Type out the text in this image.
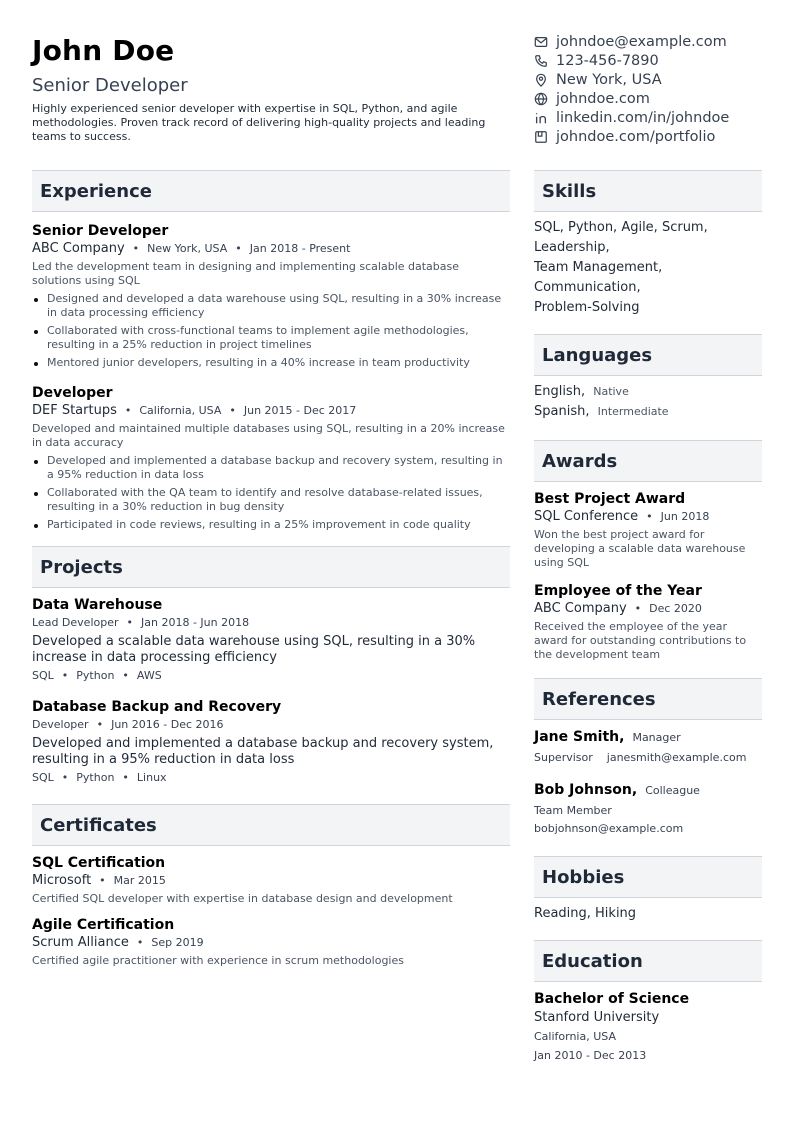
John Doe
Senior Developer
Highly experienced senior developer with expertise in SQL, Python, and agile methodologies. Proven track record of delivering high-quality projects and leading teams to success.
johndoe@example.com
123-456-7890
New York, USA
johndoe.com
linkedin.com/in/johndoe
johndoe.com/portfolio
Experience
Senior Developer
ABC Company • New York, USA • Jan 2018 - Present
Led the development team in designing and implementing scalable database solutions using SQL
Designed and developed a data warehouse using SQL, resulting in a 30% increase in data processing efficiency
Collaborated with cross-functional teams to implement agile methodologies, resulting in a 25% reduction in project timelines
Mentored junior developers, resulting in a 40% increase in team productivity
Developer
DEF Startups • California, USA • Jun 2015 - Dec 2017
Developed and maintained multiple databases using SQL, resulting in a 20% increase in data accuracy
Developed and implemented a database backup and recovery system, resulting in a 95% reduction in data loss
Collaborated with the QA team to identify and resolve database-related issues, resulting in a 30% reduction in bug density
Participated in code reviews, resulting in a 25% improvement in code quality
Projects
Data Warehouse
Lead Developer • Jan 2018 - Jun 2018
Developed a scalable data warehouse using SQL, resulting in a 30% increase in data processing efficiency
SQL • Python • AWS
Database Backup and Recovery
Developer • Jun 2016 - Dec 2016
Developed and implemented a database backup and recovery system, resulting in a 95% reduction in data loss
SQL • Python • Linux
Certificates
SQL Certification
Microsoft • Mar 2015
Certified SQL developer with expertise in database design and development
Agile Certification
Scrum Alliance • Sep 2019
Certified agile practitioner with experience in scrum methodologies
Skills
SQL, Python, Agile, Scrum,
Leadership,
Team Management,
Communication,
Problem-Solving
Languages
English, Native
Spanish, Intermediate
Awards
Best Project Award
SQL Conference • Jun 2018
Won the best project award for developing a scalable data warehouse using SQL
Employee of the Year
ABC Company • Dec 2020
Received the employee of the year award for outstanding contributions to the development team
References
Jane Smith, Manager
Supervisor janesmith@example.com
Bob Johnson, Colleague
Team Member
bobjohnson@example.com
Hobbies
Reading, Hiking
Education
Bachelor of Science
Stanford University
California, USA
Jan 2010 - Dec 2013
